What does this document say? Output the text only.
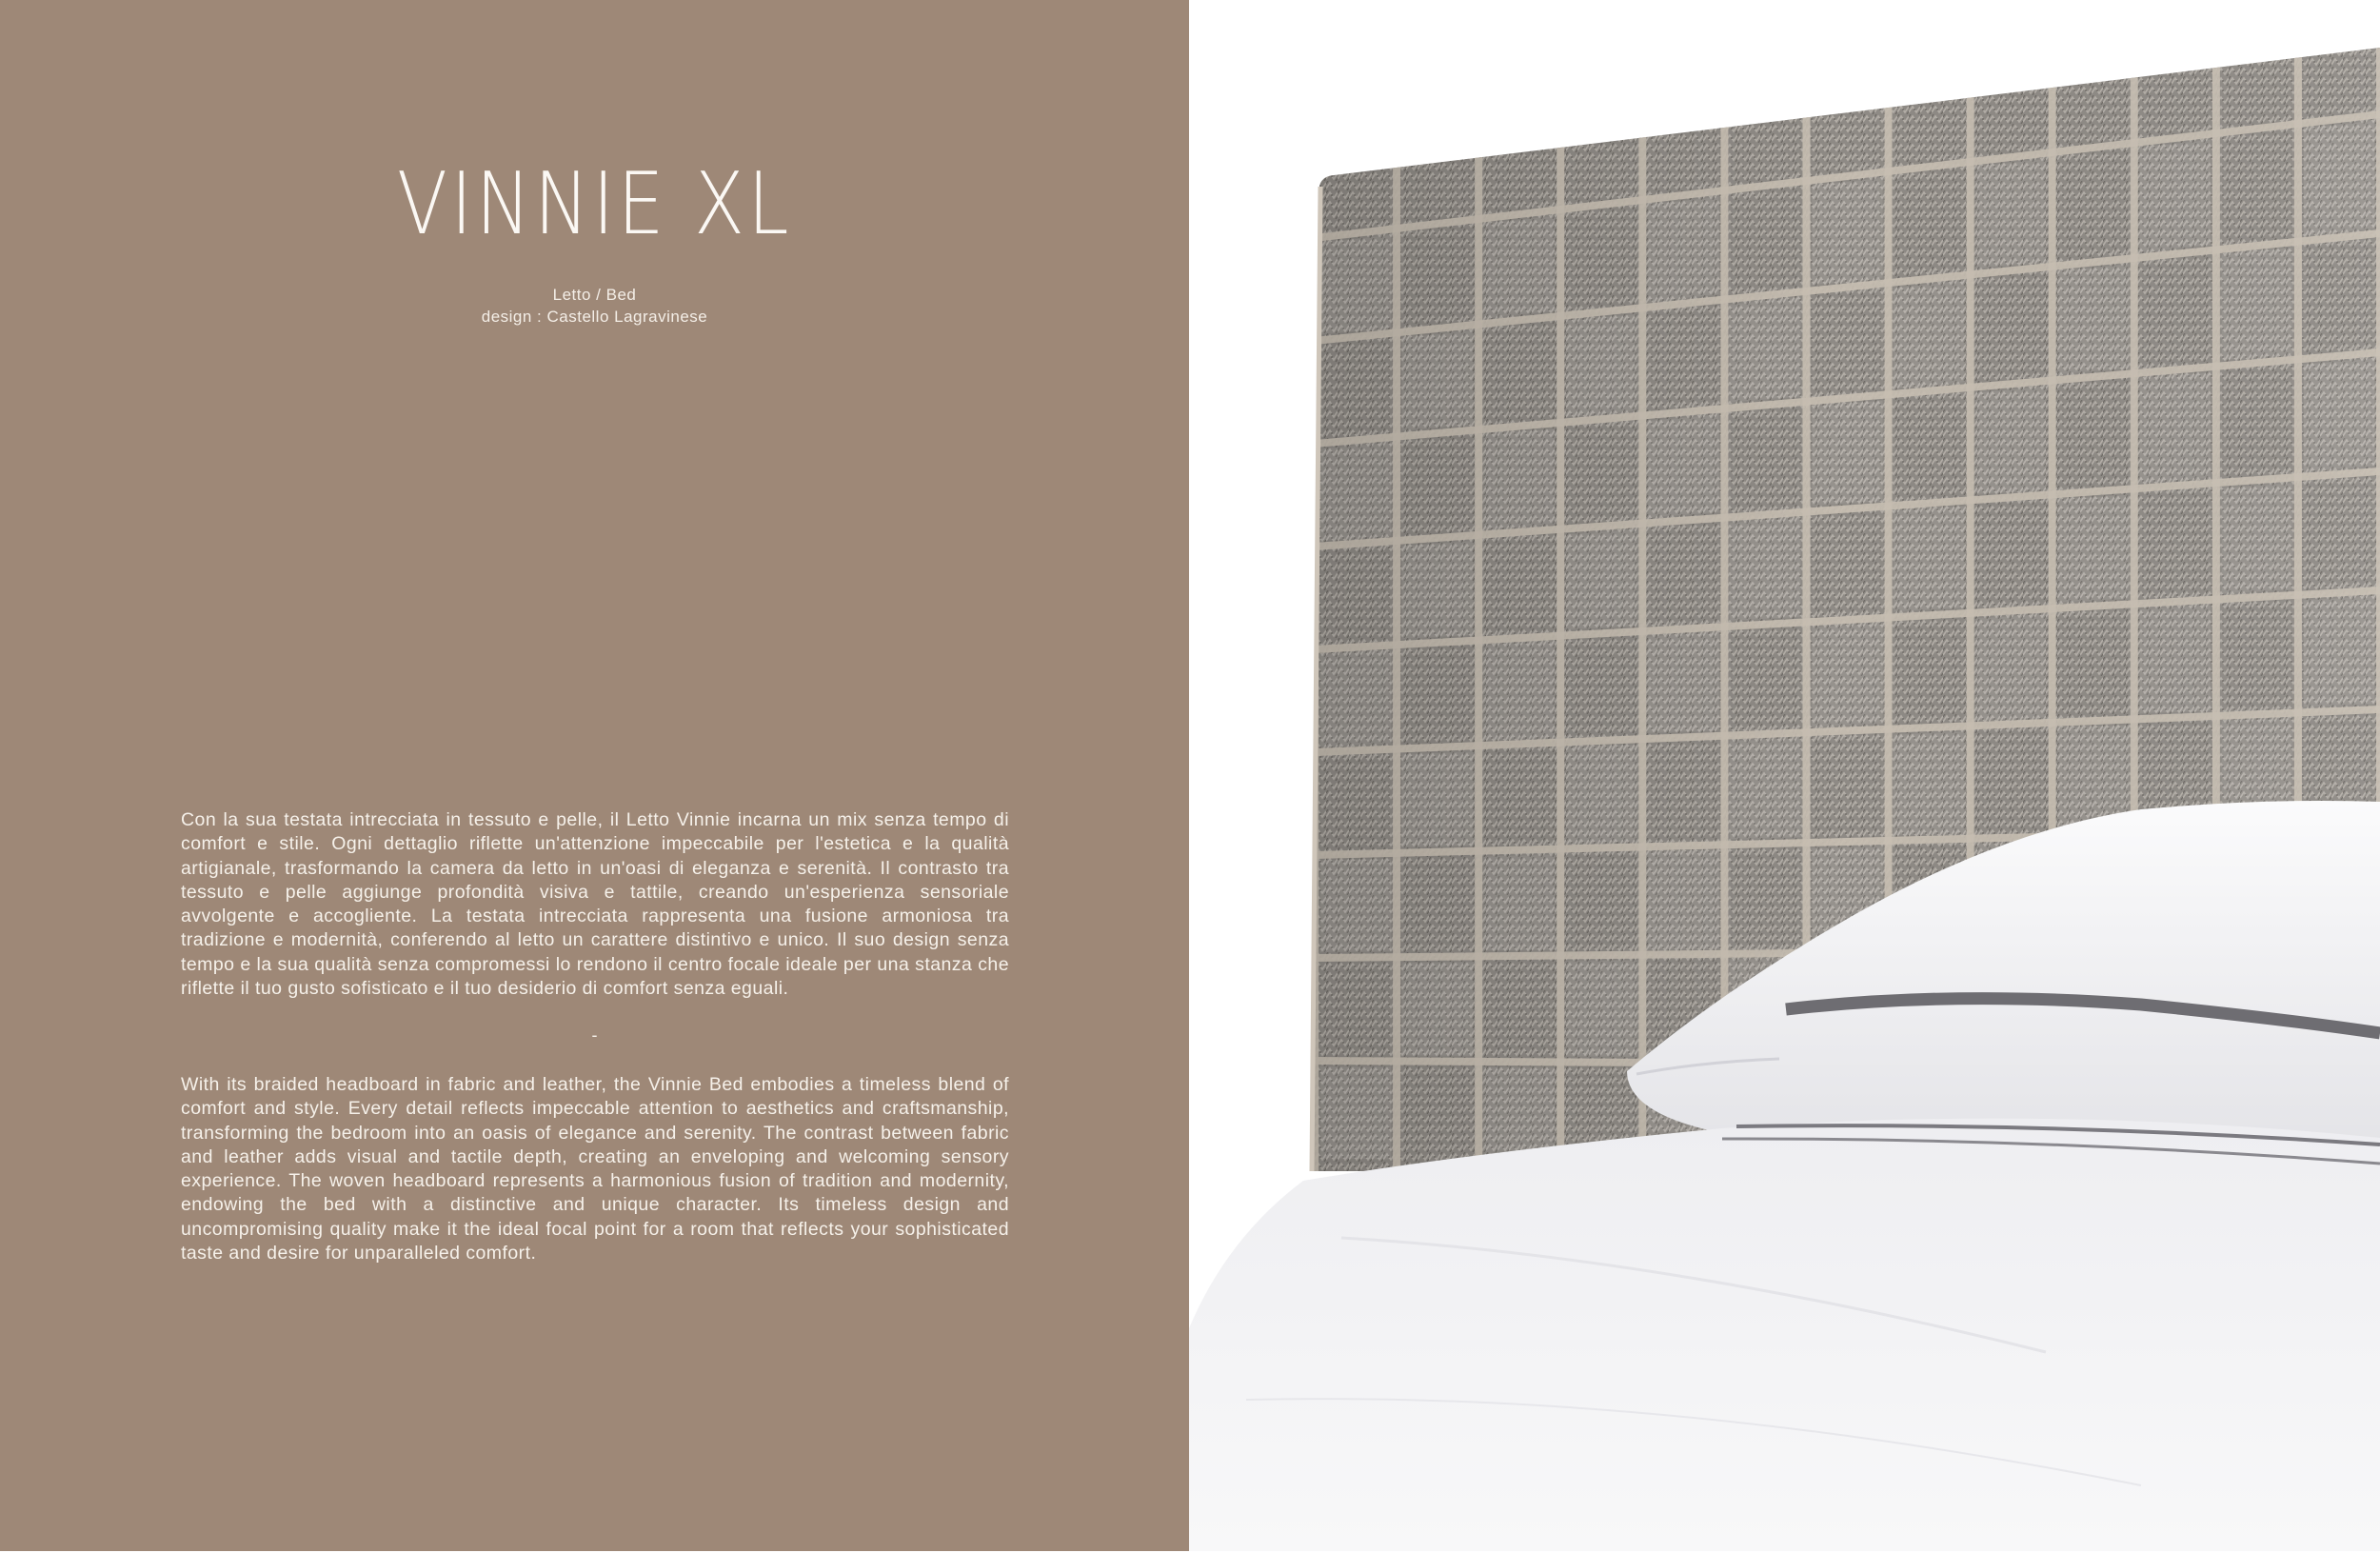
VINNIE XL
Letto / Bed
design : Castello Lagravinese
Con la sua testata intrecciata in tessuto e pelle, il Letto Vinnie incarna un mix senza tempo di comfort e stile. Ogni dettaglio riflette un'attenzione impeccabile per l'estetica e la qualità artigianale, trasformando la camera da letto in un'oasi di eleganza e serenità. Il contrasto tra tessuto e pelle aggiunge profondità visiva e tattile, creando un'esperienza sensoriale avvolgente e accogliente. La testata intrecciata rappresenta una fusione armoniosa tra tradizione e modernità, conferendo al letto un carattere distintivo e unico. Il suo design senza tempo e la sua qualità senza compromessi lo rendono il centro focale ideale per una stanza che riflette il tuo gusto sofisticato e il tuo desiderio di comfort senza eguali.
-
With its braided headboard in fabric and leather, the Vinnie Bed embodies a timeless blend of comfort and style. Every detail reflects impeccable attention to aesthetics and craftsmanship, transforming the bedroom into an oasis of elegance and serenity. The contrast between fabric and leather adds visual and tactile depth, creating an enveloping and welcoming sensory experience. The woven headboard represents a harmonious fusion of tradition and modernity, endowing the bed with a distinctive and unique character. Its timeless design and uncompromising quality make it the ideal focal point for a room that reflects your sophisticated taste and desire for unparalleled comfort.
